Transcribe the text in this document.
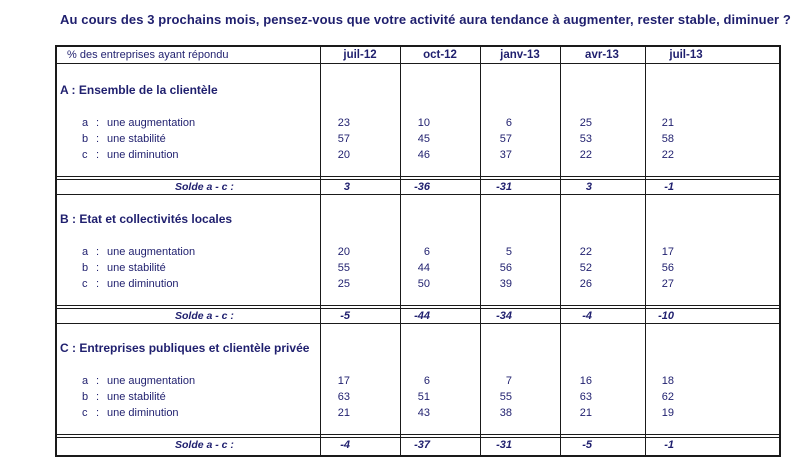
Au cours des 3 prochains mois, pensez-vous que votre activité aura tendance à augmenter, rester stable, diminuer ?
% des entreprises ayant répondu	juil-12	oct-12	janv-13	avr-13	juil-13
A : Ensemble de la clientèle
a : une augmentation	23	10	6	25	21
b : une stabilité	57	45	57	53	58
c : une diminution	20	46	37	22	22
Solde a - c :	3	-36	-31	3	-1
B : Etat et collectivités locales
a : une augmentation	20	6	5	22	17
b : une stabilité	55	44	56	52	56
c : une diminution	25	50	39	26	27
Solde a - c :	-5	-44	-34	-4	-10
C : Entreprises publiques et clientèle privée
a : une augmentation	17	6	7	16	18
b : une stabilité	63	51	55	63	62
c : une diminution	21	43	38	21	19
Solde a - c :	-4	-37	-31	-5	-1
